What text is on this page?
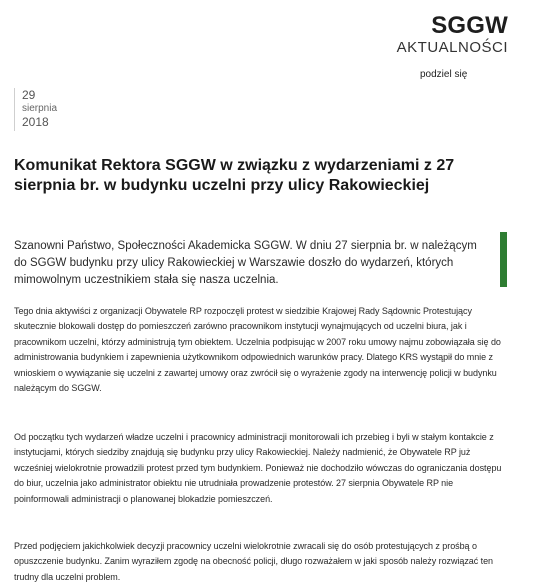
SGGW
AKTUALNOŚCI
podziel się
29
sierpnia
2018
Komunikat Rektora SGGW w związku z wydarzeniami z 27 sierpnia br. w budynku uczelni przy ulicy Rakowieckiej

Szanowni Państwo, Społeczności Akademicka SGGW. W dniu 27 sierpnia br. w należącym do SGGW budynku przy ulicy Rakowieckiej w Warszawie doszło do wydarzeń, których mimowolnym uczestnikiem stała się nasza uczelnia.

Tego dnia aktywiści z organizacji Obywatele RP rozpoczęli protest w siedzibie Krajowej Rady Sądownic Protestujący skutecznie blokowali dostęp do pomieszczeń zarówno pracownikom instytucji wynajmujących od uczelni biura, jak i pracownikom uczelni, którzy administrują tym obiektem. Uczelnia podpisując w 2007 roku umowy najmu zobowiązała się do administrowania budynkiem i zapewnienia użytkownikom odpowiednich warunków pracy. Dlatego KRS wystąpił do mnie z wnioskiem o wywiązanie się uczelni z zawartej umowy oraz zwrócił się o wyrażenie zgody na interwencję policji w budynku należącym do SGGW.

Od początku tych wydarzeń władze uczelni i pracownicy administracji monitorowali ich przebieg i byli w stałym kontakcie z instytucjami, których siedziby znajdują się budynku przy ulicy Rakowieckiej. Należy nadmienić, że Obywatele RP już wcześniej wielokrotnie prowadzili protest przed tym budynkiem. Ponieważ nie dochodziło wówczas do ograniczania dostępu do biur, uczelnia jako administrator obiektu nie utrudniała prowadzenie protestów. 27 sierpnia Obywatele RP nie poinformowali administracji o planowanej blokadzie pomieszczeń.

Przed podjęciem jakichkolwiek decyzji pracownicy uczelni wielokrotnie zwracali się do osób protestujących z prośbą o opuszczenie budynku. Zanim wyraziłem zgodę na obecność policji, długo rozważałem w jaki sposób należy rozwiązać ten trudny dla uczelni problem.
